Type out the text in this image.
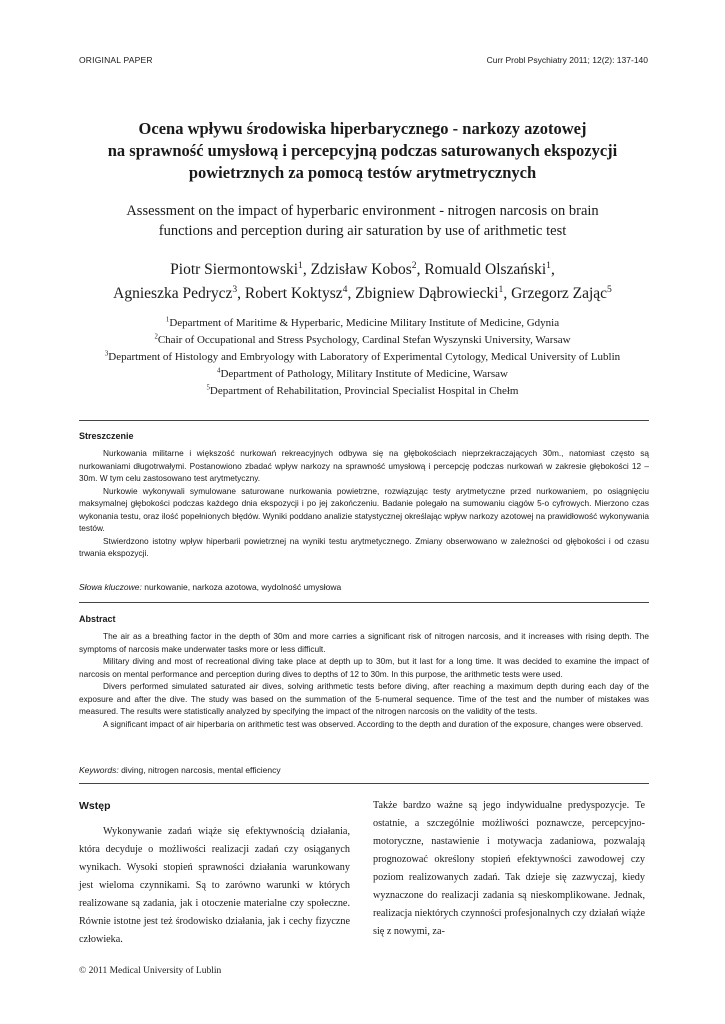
ORIGINAL PAPER	Curr Probl Psychiatry 2011; 12(2): 137-140
Ocena wpływu środowiska hiperbarycznego - narkozy azotowej
na sprawność umysłową i percepcyjną podczas saturowanych ekspozycji
powietrznych za pomocą testów arytmetrycznych
Assessment on the impact of hyperbaric environment - nitrogen narcosis on brain
functions and perception during air saturation by use of arithmetic test
Piotr Siermontowski$^1$, Zdzisław Kobos$^2$, Romuald Olszański$^1$,
Agnieszka Pedrycz$^3$, Robert Koktysz$^4$, Zbigniew Dąbrowiecki$^1$, Grzegorz Zając$^5$
$^1$Department of Maritime & Hyperbaric, Medicine Military Institute of Medicine, Gdynia
$^2$Chair of Occupational and Stress Psychology, Cardinal Stefan Wyszynski University, Warsaw
$^3$Department of Histology and Embryology with Laboratory of Experimental Cytology, Medical University of Lublin
$^4$Department of Pathology, Military Institute of Medicine, Warsaw
$^5$Department of Rehabilitation, Provincial Specialist Hospital in Chełm
Streszczenie

Nurkowania militarne i większość nurkowań rekreacyjnych odbywa się na głębokościach nieprzekraczających 30m., natomiast często są nurkowaniami długotrwałymi. Postanowiono zbadać wpływ narkozy na sprawność umysłową i percepcję podczas nurkowań w zakresie głębokości 12 – 30m. W tym celu zastosowano test arytmetyczny.

Nurkowie wykonywali symulowane saturowane nurkowania powietrzne, rozwiązując testy arytmetyczne przed nurkowaniem, po osiągnięciu maksymalnej głębokości podczas każdego dnia ekspozycji i po jej zakończeniu. Badanie polegało na sumowaniu ciągów 5-o cyfrowych. Mierzono czas wykonania testu, oraz ilość popełnionych błędów. Wyniki poddano analizie statystycznej określając wpływ narkozy azotowej na prawidłowość wykonywania testów.

Stwierdzono istotny wpływ hiperbarii powietrznej na wyniki testu arytmetycznego. Zmiany obserwowano w zależności od głębokości i od czasu trwania ekspozycji.

Słowa kluczowe: nurkowanie, narkoza azotowa, wydolność umysłowa
Abstract

The air as a breathing factor in the depth of 30m and more carries a significant risk of nitrogen narcosis, and it increases with rising depth. The symptoms of narcosis make underwater tasks more or less difficult.

Military diving and most of recreational diving take place at depth up to 30m, but it last for a long time. It was decided to examine the impact of narcosis on mental performance and perception during dives to depths of 12 to 30m. In this purpose, the arithmetic tests were used.

Divers performed simulated saturated air dives, solving arithmetic tests before diving, after reaching a maximum depth during each day of the exposure and after the dive. The study was based on the summation of the 5-numeral sequence. Time of the test and the number of mistakes was measured. The results were statistically analyzed by specifying the impact of the nitrogen narcosis on the validity of the tests.

A significant impact of air hiperbaria on arithmetic test was observed. According to the depth and duration of the exposure, changes were observed.

Keywords: diving, nitrogen narcosis, mental efficiency
Wstęp

Wykonywanie zadań wiąże się efektywnością działania, która decyduje o możliwości realizacji zadań czy osiąganych wynikach. Wysoki stopień sprawności działania warunkowany jest wieloma czynnikami. Są to zarówno warunki w których realizowane są zadania, jak i otoczenie materialne czy społeczne. Równie istotne jest też środowisko działania, jak i cechy fizyczne człowieka.

Także bardzo ważne są jego indywidualne predyspozycje. Te ostatnie, a szczególnie możliwości poznawcze, percepcyjno-motoryczne, nastawienie i motywacja zadaniowa, pozwalają prognozować określony stopień efektywności zawodowej czy poziom realizowanych zadań. Tak dzieje się zazwyczaj, kiedy wyznaczone do realizacji zadania są nieskomplikowane. Jednak, realizacja niektórych czynności profesjonalnych czy działań wiąże się z nowymi, za-

© 2011 Medical University of Lublin
